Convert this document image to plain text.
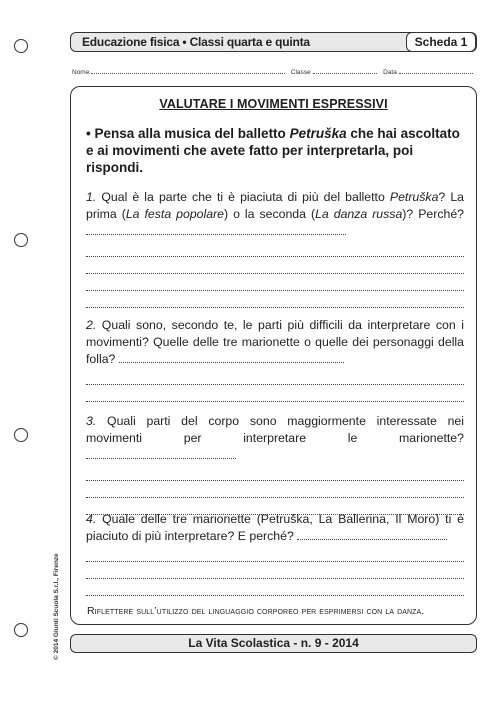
Educazione fisica • Classi quarta e quinta	Scheda 1
Nome	Classe	Data
VALUTARE I MOVIMENTI ESPRESSIVI
• Pensa alla musica del balletto Petruška che hai ascoltato e ai movimenti che avete fatto per interpretarla, poi rispondi.
1. Qual è la parte che ti è piaciuta di più del balletto Petruška? La prima (La festa popolare) o la seconda (La danza russa)? Perché?
2. Quali sono, secondo te, le parti più difficili da interpretare con i movimenti? Quelle delle tre marionette o quelle dei personaggi della folla?
3. Quali parti del corpo sono maggiormente interessate nei movimenti per interpretare le marionette?
4. Quale delle tre marionette (Petruška, La Ballerina, Il Moro) ti è piaciuto di più interpretare? E perché?
Riflettere sull’utilizzo del linguaggio corporeo per esprimersi con la danza.
La Vita Scolastica - n. 9 - 2014
© 2014 Giunti Scuola S.r.l., Firenze
